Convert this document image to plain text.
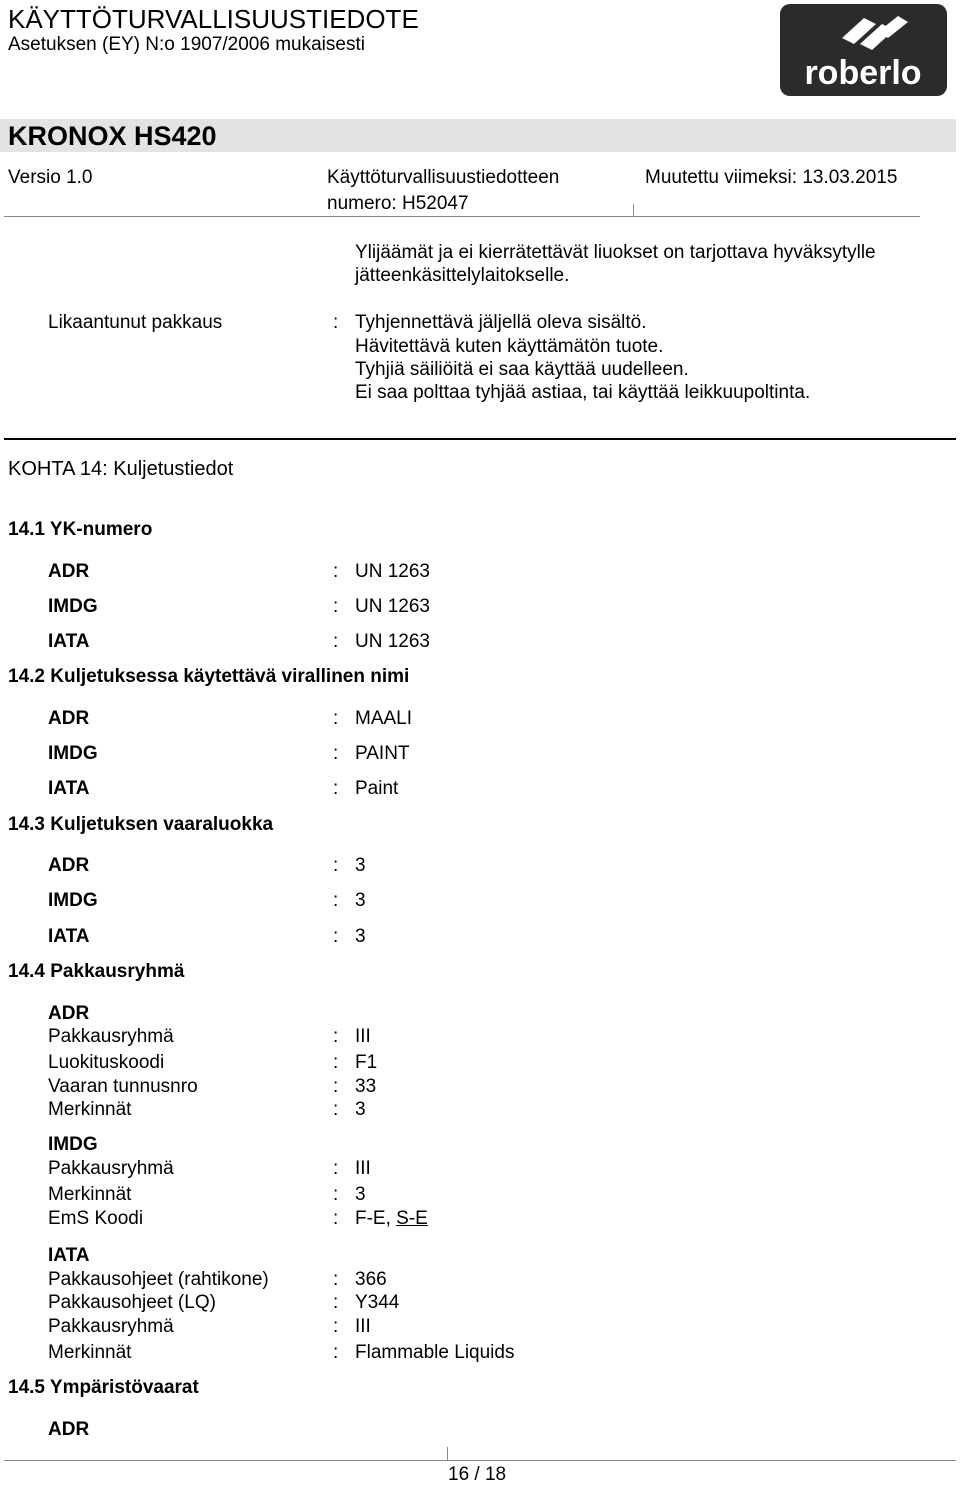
KÄYTTÖTURVALLISUUSTIEDOTE
Asetuksen (EY) N:o 1907/2006 mukaisesti
roberlo
KRONOX HS420
Versio 1.0	Käyttöturvallisuustiedotteen
numero: H52047
Muutettu viimeksi: 13.03.2015
Ylijäämät ja ei kierrätettävät liuokset on tarjottava hyväksytylle
jätteenkäsittelylaitokselle.
Likaantunut pakkaus	: Tyhjennettävä jäljellä oleva sisältö.
Hävitettävä kuten käyttämätön tuote.
Tyhjiä säiliöitä ei saa käyttää uudelleen.
Ei saa polttaa tyhjää astiaa, tai käyttää leikkuupoltinta.
KOHTA 14: Kuljetustiedot
14.1 YK-numero
ADR	: UN 1263
IMDG	: UN 1263
IATA	: UN 1263
14.2 Kuljetuksessa käytettävä virallinen nimi
ADR	: MAALI
IMDG	: PAINT
IATA	: Paint
14.3 Kuljetuksen vaaraluokka
ADR	: 3
IMDG	: 3
IATA	: 3
14.4 Pakkausryhmä
ADR
Pakkausryhmä	: III
Luokituskoodi	: F1
Vaaran tunnusnro	: 33
Merkinnät	: 3
IMDG
Pakkausryhmä	: III
Merkinnät	: 3
EmS Koodi	: F-E, S-E
IATA
Pakkausohjeet (rahtikone)	: 366
Pakkausohjeet (LQ)	: Y344
Pakkausryhmä	: III
Merkinnät	: Flammable Liquids
14.5 Ympäristövaarat
ADR
16 / 18
